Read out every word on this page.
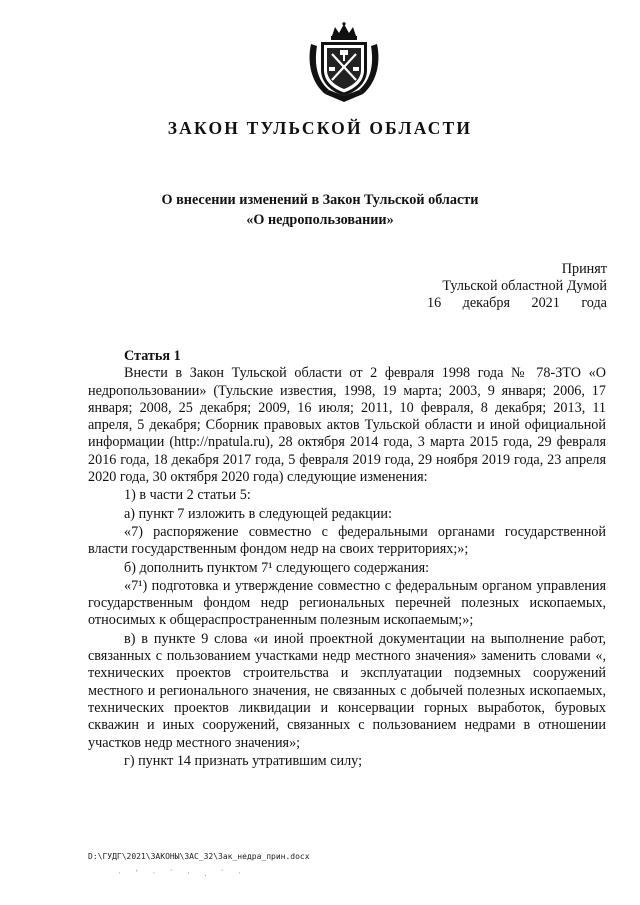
ЗАКОН ТУЛЬСКОЙ ОБЛАСТИ
О внесении изменений в Закон Тульской области
«О недропользовании»
Принят
Тульской областной Думой
16 декабря 2021 года
Статья 1

Внести в Закон Тульской области от 2 февраля 1998 года № 78-ЗТО «О недропользовании» (Тульские известия, 1998, 19 марта; 2003, 9 января; 2006, 17 января; 2008, 25 декабря; 2009, 16 июля; 2011, 10 февраля, 8 декабря; 2013, 11 апреля, 5 декабря; Сборник правовых актов Тульской области и иной официальной информации (http://npatula.ru), 28 октября 2014 года, 3 марта 2015 года, 29 февраля 2016 года, 18 декабря 2017 года, 5 февраля 2019 года, 29 ноября 2019 года, 23 апреля 2020 года, 30 октября 2020 года) следующие изменения:

1) в части 2 статьи 5:

а) пункт 7 изложить в следующей редакции:

«7) распоряжение совместно с федеральными органами государственной власти государственным фондом недр на своих территориях;»;

б) дополнить пунктом 7¹ следующего содержания:

«7¹) подготовка и утверждение совместно с федеральным органом управления государственным фондом недр региональных перечней полезных ископаемых, относимых к общераспространенным полезным ископаемым;»;

в) в пункте 9 слова «и иной проектной документации на выполнение работ, связанных с пользованием участками недр местного значения» заменить словами «, технических проектов строительства и эксплуатации подземных сооружений местного и регионального значения, не связанных с добычей полезных ископаемых, технических проектов ликвидации и консервации горных выработок, буровых скважин и иных сооружений, связанных с пользованием недрами в отношении участков недр местного значения»;

г) пункт 14 признать утратившим силу;

D:\ГУДГ\2021\ЗАКОНЫ\ЗАС_32\Зак_недра_прин.docx
· ʼ · ˊ · . ˋ ·
